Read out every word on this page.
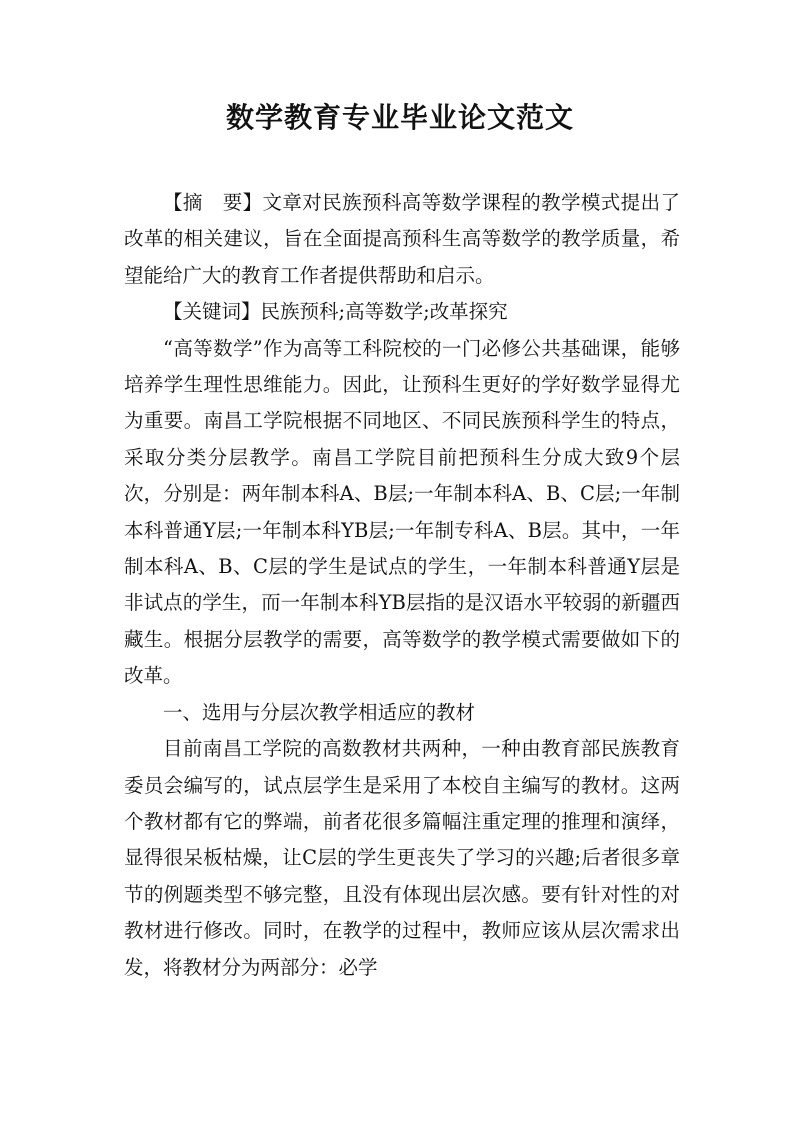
数学教育专业毕业论文范文

【摘　要】文章对民族预科高等数学课程的教学模式提出了改革的相关建议，旨在全面提高预科生高等数学的教学质量，希望能给广大的教育工作者提供帮助和启示。

【关键词】民族预科;高等数学;改革探究

“高等数学”作为高等工科院校的一门必修公共基础课，能够培养学生理性思维能力。因此，让预科生更好的学好数学显得尤为重要。南昌工学院根据不同地区、不同民族预科学生的特点，采取分类分层教学。南昌工学院目前把预科生分成大致9个层次，分别是：两年制本科A、B层;一年制本科A、B、C层;一年制本科普通Y层;一年制本科YB层;一年制专科A、B层。其中，一年制本科A、B、C层的学生是试点的学生，一年制本科普通Y层是非试点的学生，而一年制本科YB层指的是汉语水平较弱的新疆西藏生。根据分层教学的需要，高等数学的教学模式需要做如下的改革。

一、选用与分层次教学相适应的教材

目前南昌工学院的高数教材共两种，一种由教育部民族教育委员会编写的，试点层学生是采用了本校自主编写的教材。这两个教材都有它的弊端，前者花很多篇幅注重定理的推理和演绎，显得很呆板枯燥，让C层的学生更丧失了学习的兴趣;后者很多章节的例题类型不够完整，且没有体现出层次感。要有针对性的对教材进行修改。同时，在教学的过程中，教师应该从层次需求出发，将教材分为两部分：必学
